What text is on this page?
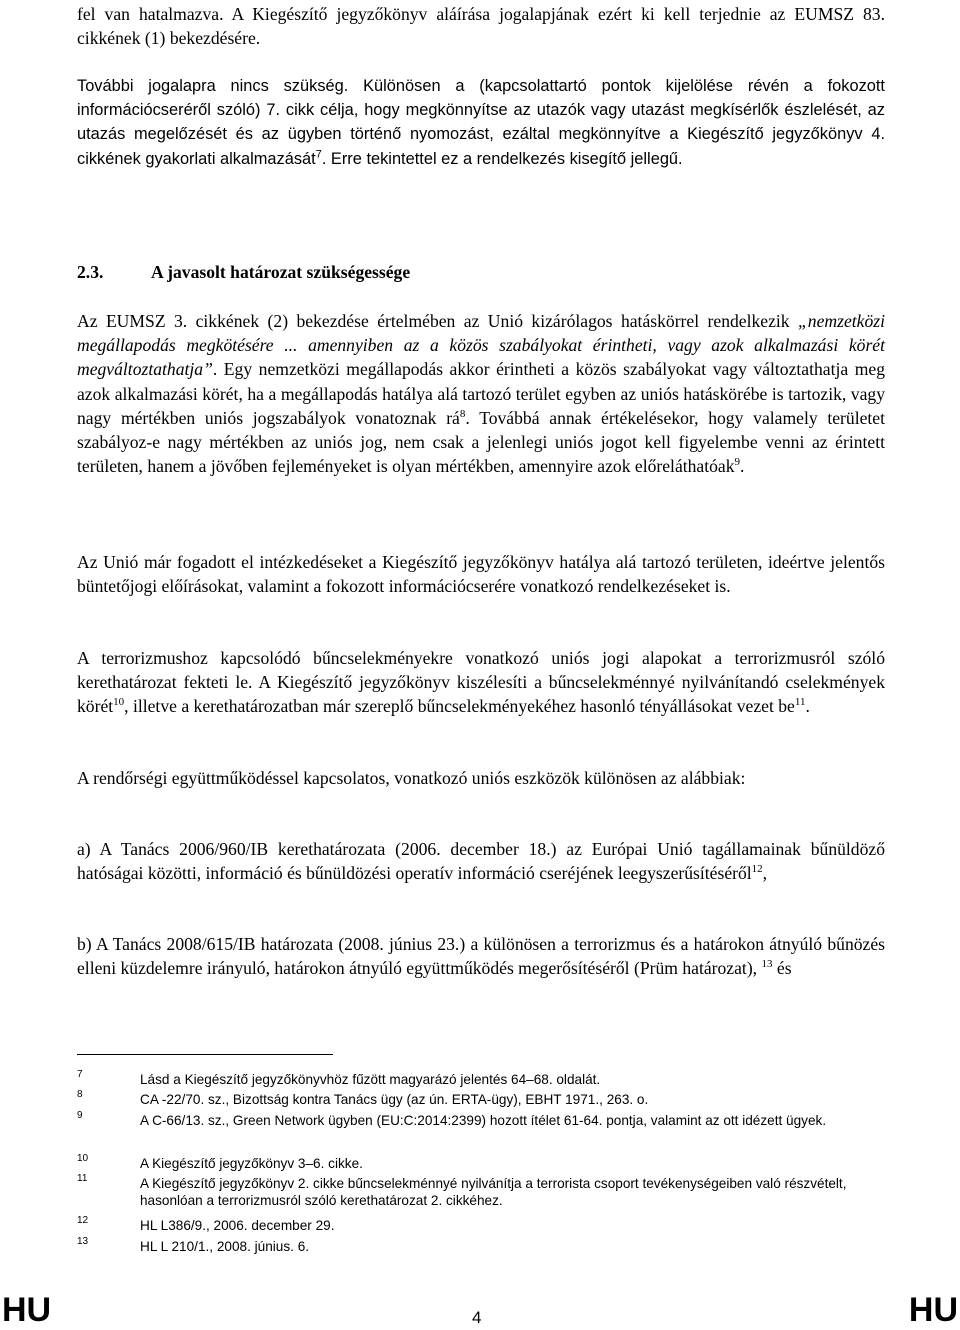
fel van hatalmazva. A Kiegészítő jegyzőkönyv aláírása jogalapjának ezért ki kell terjednie az EUMSZ 83. cikkének (1) bekezdésére.

További jogalapra nincs szükség. Különösen a (kapcsolattartó pontok kijelölése révén a fokozott információcseréről szóló) 7. cikk célja, hogy megkönnyítse az utazók vagy utazást megkísérlők észlelését, az utazás megelőzését és az ügyben történő nyomozást, ezáltal megkönnyítve a Kiegészítő jegyzőkönyv 4. cikkének gyakorlati alkalmazását$^7$. Erre tekintettel ez a rendelkezés kisegítő jellegű.

2.3.	A javasolt határozat szükségessége

Az EUMSZ 3. cikkének (2) bekezdése értelmében az Unió kizárólagos hatáskörrel rendelkezik „nemzetközi megállapodás megkötésére ... amennyiben az a közös szabályokat érintheti, vagy azok alkalmazási körét megváltoztathatja”. Egy nemzetközi megállapodás akkor érintheti a közös szabályokat vagy változtathatja meg azok alkalmazási körét, ha a megállapodás hatálya alá tartozó terület egyben az uniós hatáskörébe is tartozik, vagy nagy mértékben uniós jogszabályok vonatoznak $rá^8$. Továbbá annak értékelésekor, hogy valamely területet szabályoz-e nagy mértékben az uniós jog, nem csak a jelenlegi uniós jogot kell figyelembe venni az érintett területen, hanem a jövőben fejleményeket is olyan mértékben, amennyire azok előreláthatóak$^9$.

Az Unió már fogadott el intézkedéseket a Kiegészítő jegyzőkönyv hatálya alá tartozó területen, ideértve jelentős büntetőjogi előírásokat, valamint a fokozott információcserére vonatkozó rendelkezéseket is.

A terrorizmushoz kapcsolódó bűncselekményekre vonatkozó uniós jogi alapokat a terrorizmusról szóló kerethatározat fekteti le. A Kiegészítő jegyzőkönyv kiszélesíti a bűncselekménnyé nyilvánítandó cselekmények körét$^{10}$, illetve a kerethatározatban már szereplő bűncselekményekéhez hasonló tényállásokat vezet $be^{11}$.

A rendőrségi együttműködéssel kapcsolatos, vonatkozó uniós eszközök különösen az alábbiak:

a) A Tanács 2006/960/IB kerethatározata (2006. december 18.) az Európai Unió tagállamainak bűnüldöző hatóságai közötti, információ és bűnüldözési operatív információ cseréjének leegyszerűsítéséről$^{12}$,

b) A Tanács 2008/615/IB határozata (2008. június 23.) a különösen a terrorizmus és a határokon átnyúló bűnözés elleni küzdelemre irányuló, határokon átnyúló együttműködés megerősítéséről (Prüm határozat), $^{13}$ és

7	Lásd a Kiegészítő jegyzőkönyvhöz fűzött magyarázó jelentés 64–68. oldalát.
8	CA -22/70. sz., Bizottság kontra Tanács ügy (az ún. ERTA-ügy), EBHT 1971., 263. o.
9	A C-66/13. sz., Green Network ügyben (EU:C:2014:2399) hozott ítélet 61-64. pontja, valamint az ott idézett ügyek.
10	A Kiegészítő jegyzőkönyv 3–6. cikke.
11	A Kiegészítő jegyzőkönyv 2. cikke bűncselekménnyé nyilvánítja a terrorista csoport tevékenységeiben való részvételt, hasonlóan a terrorizmusról szóló kerethatározat 2. cikkéhez.
12	HL L386/9., 2006. december 29.
13	HL L 210/1., 2008. június. 6.
HU	4	HU
